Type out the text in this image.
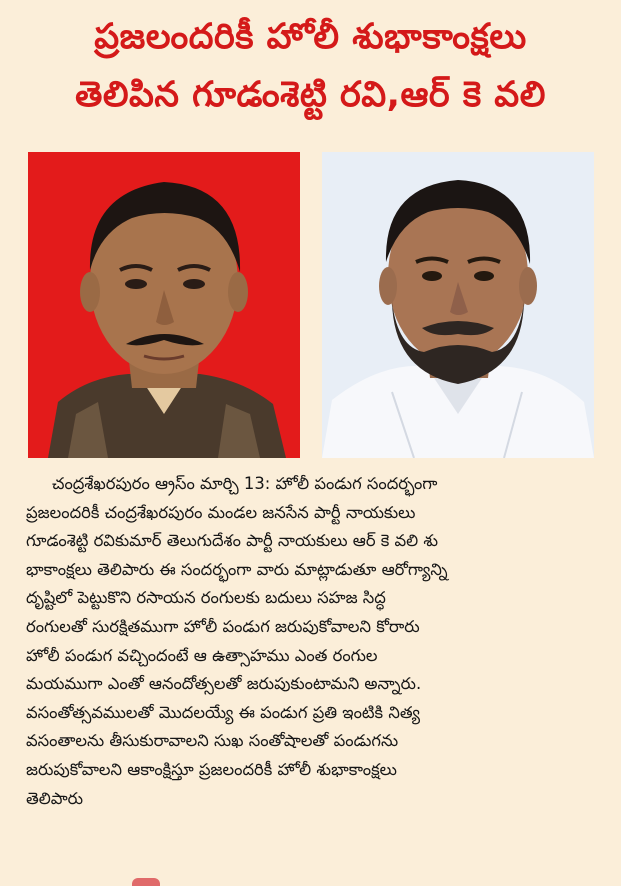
ప్రజలందరికీ హోలీ శుభాకాంక్షలు
తెలిపిన గూడంశెట్టి రవి,ఆర్ కె వలి
చంద్రశేఖరపురం ఆ్రస్ం మార్చి 13: హోలీ పండుగ సందర్భంగా
ప్రజలందరికీ చంద్రశేఖరపురం మండల జనసేన పార్టీ నాయకులు
గూడంశెట్టి రవికుమార్ తెలుగుదేశం పార్టీ నాయకులు ఆర్ కె వలి శు
భాకాంక్షలు తెలిపారు ఈ సందర్భంగా వారు మాట్లాడుతూ ఆరోగ్యాన్ని
దృష్టిలో పెట్టుకొని రసాయన రంగులకు బదులు సహజ సిద్ధ
రంగులతో సురక్షితముగా హోలీ పండుగ జరుపుకోవాలని కోరారు
హోలీ పండుగ వచ్చిందంటే ఆ ఉత్సాహము ఎంత రంగుల
మయముగా ఎంతో ఆనందోత్సలతో జరుపుకుంటామని అన్నారు.
వసంతోత్సవములతో మొదలయ్యే ఈ పండుగ ప్రతి ఇంటికి నిత్య
వసంతాలను తీసుకురావాలని సుఖ సంతోషాలతో పండుగను
జరుపుకోవాలని ఆకాంక్షిస్తూ ప్రజలందరికీ హోలీ శుభాకాంక్షలు
తెలిపారు
